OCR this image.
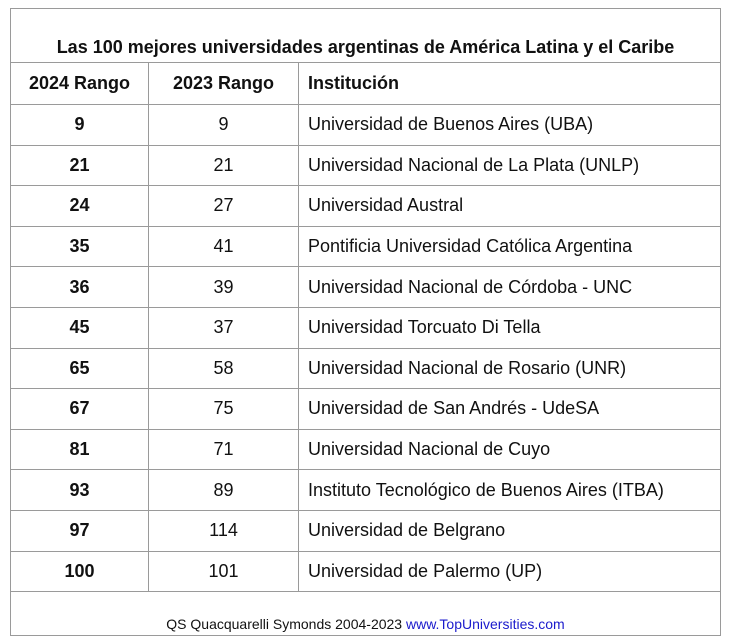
Las 100 mejores universidades argentinas de América Latina y el Caribe		
2024 Rango	2023 Rango	Institución
9	9	Universidad de Buenos Aires (UBA)
21	21	Universidad Nacional de La Plata (UNLP)
24	27	Universidad Austral
35	41	Pontificia Universidad Católica Argentina
36	39	Universidad Nacional de Córdoba - UNC
45	37	Universidad Torcuato Di Tella
65	58	Universidad Nacional de Rosario (UNR)
67	75	Universidad de San Andrés - UdeSA
81	71	Universidad Nacional de Cuyo
93	89	Instituto Tecnológico de Buenos Aires (ITBA)
97	114	Universidad de Belgrano
100	101	Universidad de Palermo (UP)
QS Quacquarelli Symonds 2004-2023 www.TopUniversities.com		
